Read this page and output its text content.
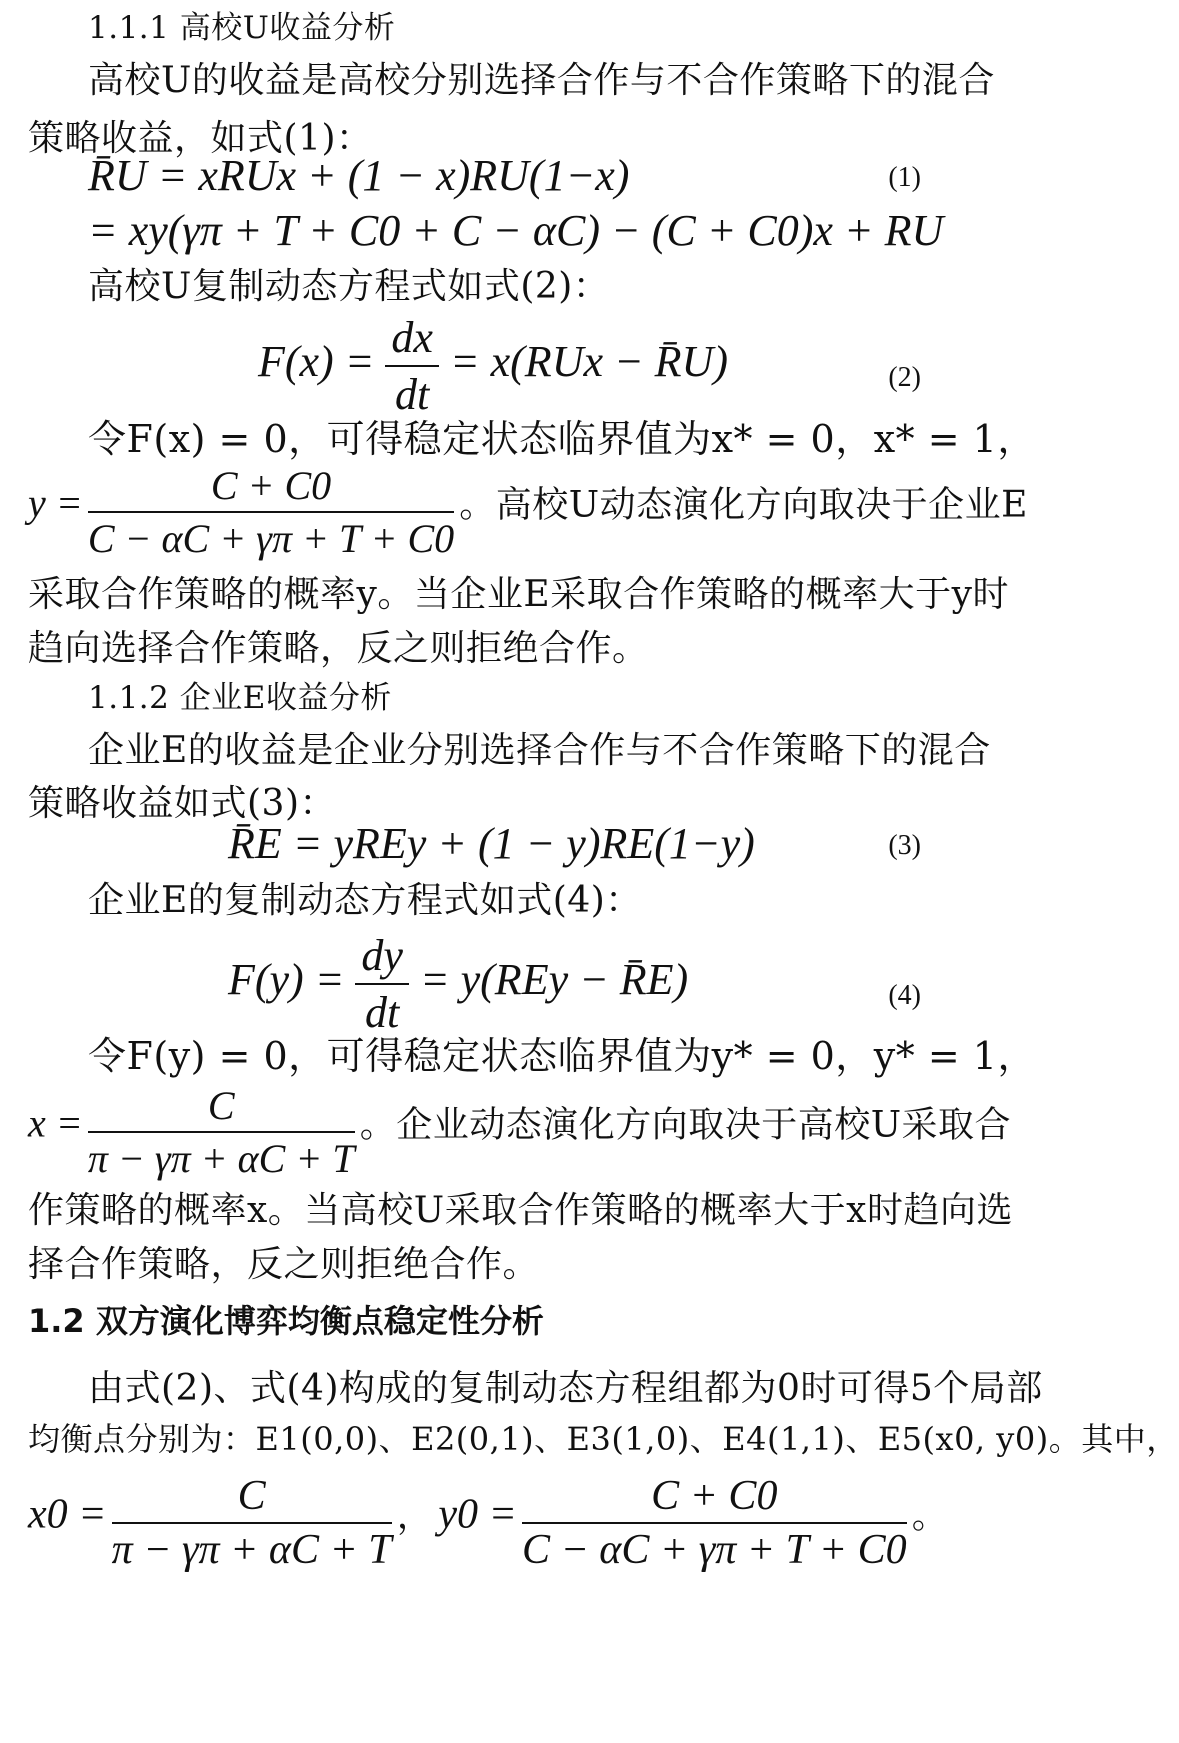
1.1.1 高校U收益分析
高校U的收益是高校分别选择合作与不合作策略下的混合
策略收益，如式(1)：
R̄U = xRUx + (1 − x)RU(1−x)	(1)
= xy(γπ + T + C0 + C − αC) − (C + C0)x + RU
高校U复制动态方程式如式(2)：
$F(x) = \frac{dx}{dt} = x(RUx$ − R̄U)	(2)
令F(x) = 0，可得稳定状态临界值为x* = 0，x* = 1，
$y = \frac{C + C0}{C - \alpha C + \gamma\pi + T + C0}$ 。高校U动态演化方向取决于企业E
采取合作策略的概率y。当企业E采取合作策略的概率大于y时
趋向选择合作策略，反之则拒绝合作。
1.1.2 企业E收益分析
企业E的收益是企业分别选择合作与不合作策略下的混合
策略收益如式(3)：
R̄E = yREy + (1 − y)RE(1−y)	(3)
企业E的复制动态方程式如式(4)：
$F(y) = \frac{dy}{dt} = y(REy$ − R̄E)	(4)
令F(y) = 0，可得稳定状态临界值为y* = 0，y* = 1，
$x = \frac{C}{\pi - \gamma\pi + \alpha C + T}$ 。企业动态演化方向取决于高校U采取合
作策略的概率x。当高校U采取合作策略的概率大于x时趋向选
择合作策略，反之则拒绝合作。
1.2 双方演化博弈均衡点稳定性分析
由式(2)、式(4)构成的复制动态方程组都为0时可得5个局部
均衡点分别为：E1(0,0)、E2(0,1)、E3(1,0)、E4(1,1)、E5(x0, y0)。其中，
$x0 = \frac{C}{\pi - \gamma\pi + \alpha C + T}$ ， $y0 = \frac{C + C0}{C - \alpha C + \gamma\pi + T + C0}$ 。
